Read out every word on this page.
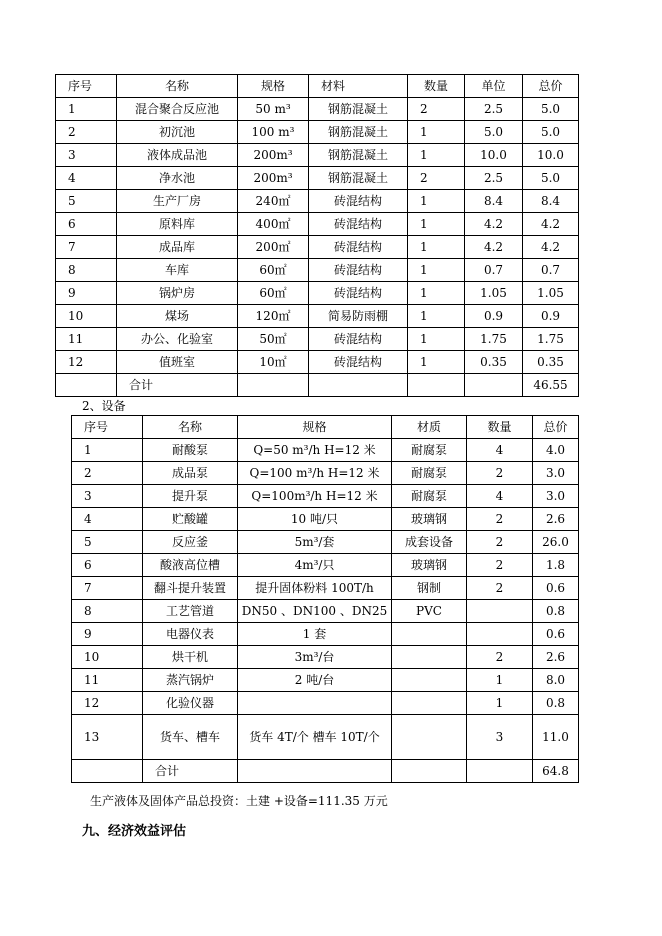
序号	名称	规格	材料	数量	单位	总价
1	混合聚合反应池	50 m³	钢筋混凝土	2	2.5	5.0
2	初沉池	100 m³	钢筋混凝土	1	5.0	5.0
3	液体成品池	200m³	钢筋混凝土	1	10.0	10.0
4	净水池	200m³	钢筋混凝土	2	2.5	5.0
5	生产厂房	240㎡	砖混结构	1	8.4	8.4
6	原料库	400㎡	砖混结构	1	4.2	4.2
7	成品库	200㎡	砖混结构	1	4.2	4.2
8	车库	60㎡	砖混结构	1	0.7	0.7
9	锅炉房	60㎡	砖混结构	1	1.05	1.05
10	煤场	120㎡	简易防雨棚	1	0.9	0.9
11	办公、化验室	50㎡	砖混结构	1	1.75	1.75
12	值班室	10㎡	砖混结构	1	0.35	0.35
	合计					46.55
2、设备
序号	名称	规格	材质	数量	总价
1	耐酸泵	Q=50 m³/h H=12 米	耐腐泵	4	4.0
2	成品泵	Q=100 m³/h H=12 米	耐腐泵	2	3.0
3	提升泵	Q=100m³/h H=12 米	耐腐泵	4	3.0
4	贮酸罐	10 吨/只	玻璃钢	2	2.6
5	反应釜	5m³/套	成套设备	2	26.0
6	酸液高位槽	4m³/只	玻璃钢	2	1.8
7	翻斗提升装置	提升固体粉料 100T/h	钢制	2	0.6
8	工艺管道	DN50 、DN100 、DN25	PVC		0.8
9	电器仪表	1 套			0.6
10	烘干机	3m³/台		2	2.6
11	蒸汽锅炉	2 吨/台		1	8.0
12	化验仪器			1	0.8
13	货车、槽车	货车 4T/个 槽车 10T/个		3	11.0
	合计				64.8
生产液体及固体产品总投资：土建 +设备=111.35 万元
九、经济效益评估
